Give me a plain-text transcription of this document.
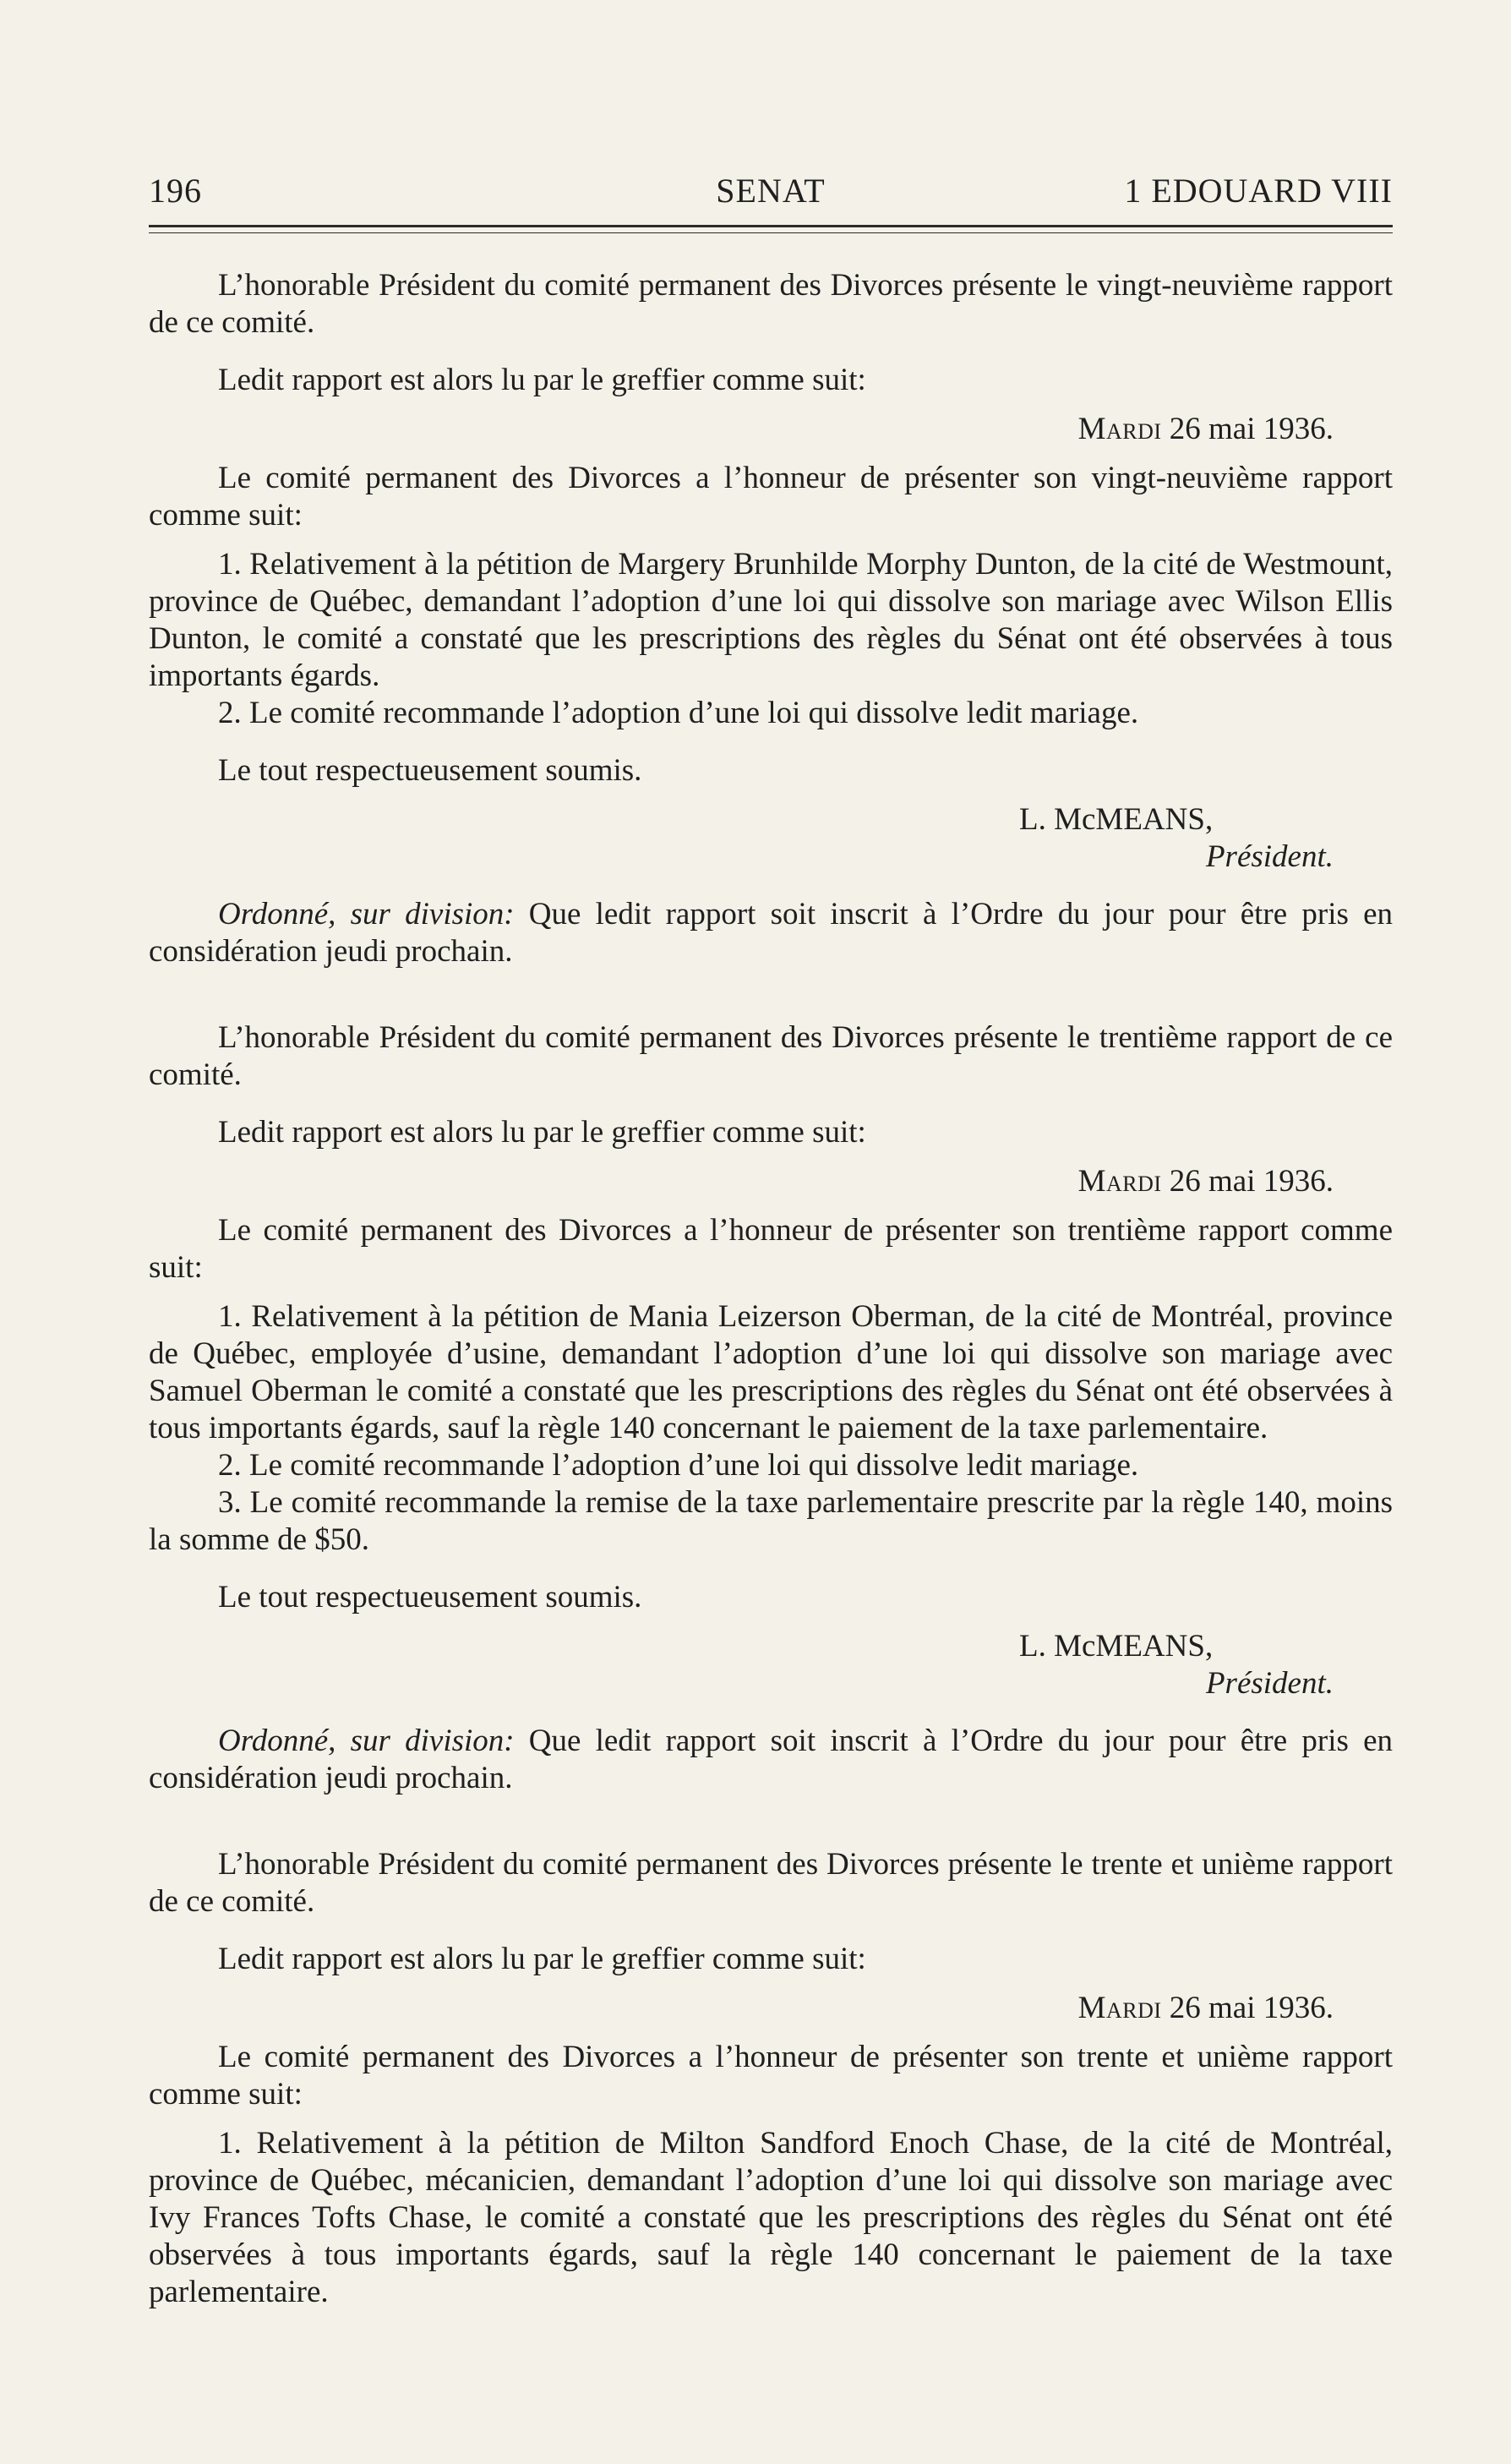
196	SENAT	1 EDOUARD VIII

L’honorable Président du comité permanent des Divorces présente le vingt-neuvième rapport de ce comité.

Ledit rapport est alors lu par le greffier comme suit:

Mardi 26 mai 1936.

Le comité permanent des Divorces a l’honneur de présenter son vingt-neuvième rapport comme suit:

1. Relativement à la pétition de Margery Brunhilde Morphy Dunton, de la cité de Westmount, province de Québec, demandant l’adoption d’une loi qui dissolve son mariage avec Wilson Ellis Dunton, le comité a constaté que les prescriptions des règles du Sénat ont été observées à tous importants égards.

2. Le comité recommande l’adoption d’une loi qui dissolve ledit mariage.

Le tout respectueusement soumis.

L. McMEANS,

Président.

Ordonné, sur division: Que ledit rapport soit inscrit à l’Ordre du jour pour être pris en considération jeudi prochain.

L’honorable Président du comité permanent des Divorces présente le trentième rapport de ce comité.

Ledit rapport est alors lu par le greffier comme suit:

Mardi 26 mai 1936.

Le comité permanent des Divorces a l’honneur de présenter son trentième rapport comme suit:

1. Relativement à la pétition de Mania Leizerson Oberman, de la cité de Montréal, province de Québec, employée d’usine, demandant l’adoption d’une loi qui dissolve son mariage avec Samuel Oberman le comité a constaté que les prescriptions des règles du Sénat ont été observées à tous importants égards, sauf la règle 140 concernant le paiement de la taxe parlementaire.

2. Le comité recommande l’adoption d’une loi qui dissolve ledit mariage.

3. Le comité recommande la remise de la taxe parlementaire prescrite par la règle 140, moins la somme de $50.

Le tout respectueusement soumis.

L. McMEANS,

Président.

Ordonné, sur division: Que ledit rapport soit inscrit à l’Ordre du jour pour être pris en considération jeudi prochain.

L’honorable Président du comité permanent des Divorces présente le trente et unième rapport de ce comité.

Ledit rapport est alors lu par le greffier comme suit:

Mardi 26 mai 1936.

Le comité permanent des Divorces a l’honneur de présenter son trente et unième rapport comme suit:

1. Relativement à la pétition de Milton Sandford Enoch Chase, de la cité de Montréal, province de Québec, mécanicien, demandant l’adoption d’une loi qui dissolve son mariage avec Ivy Frances Tofts Chase, le comité a constaté que les prescriptions des règles du Sénat ont été observées à tous importants égards, sauf la règle 140 concernant le paiement de la taxe parlementaire.
